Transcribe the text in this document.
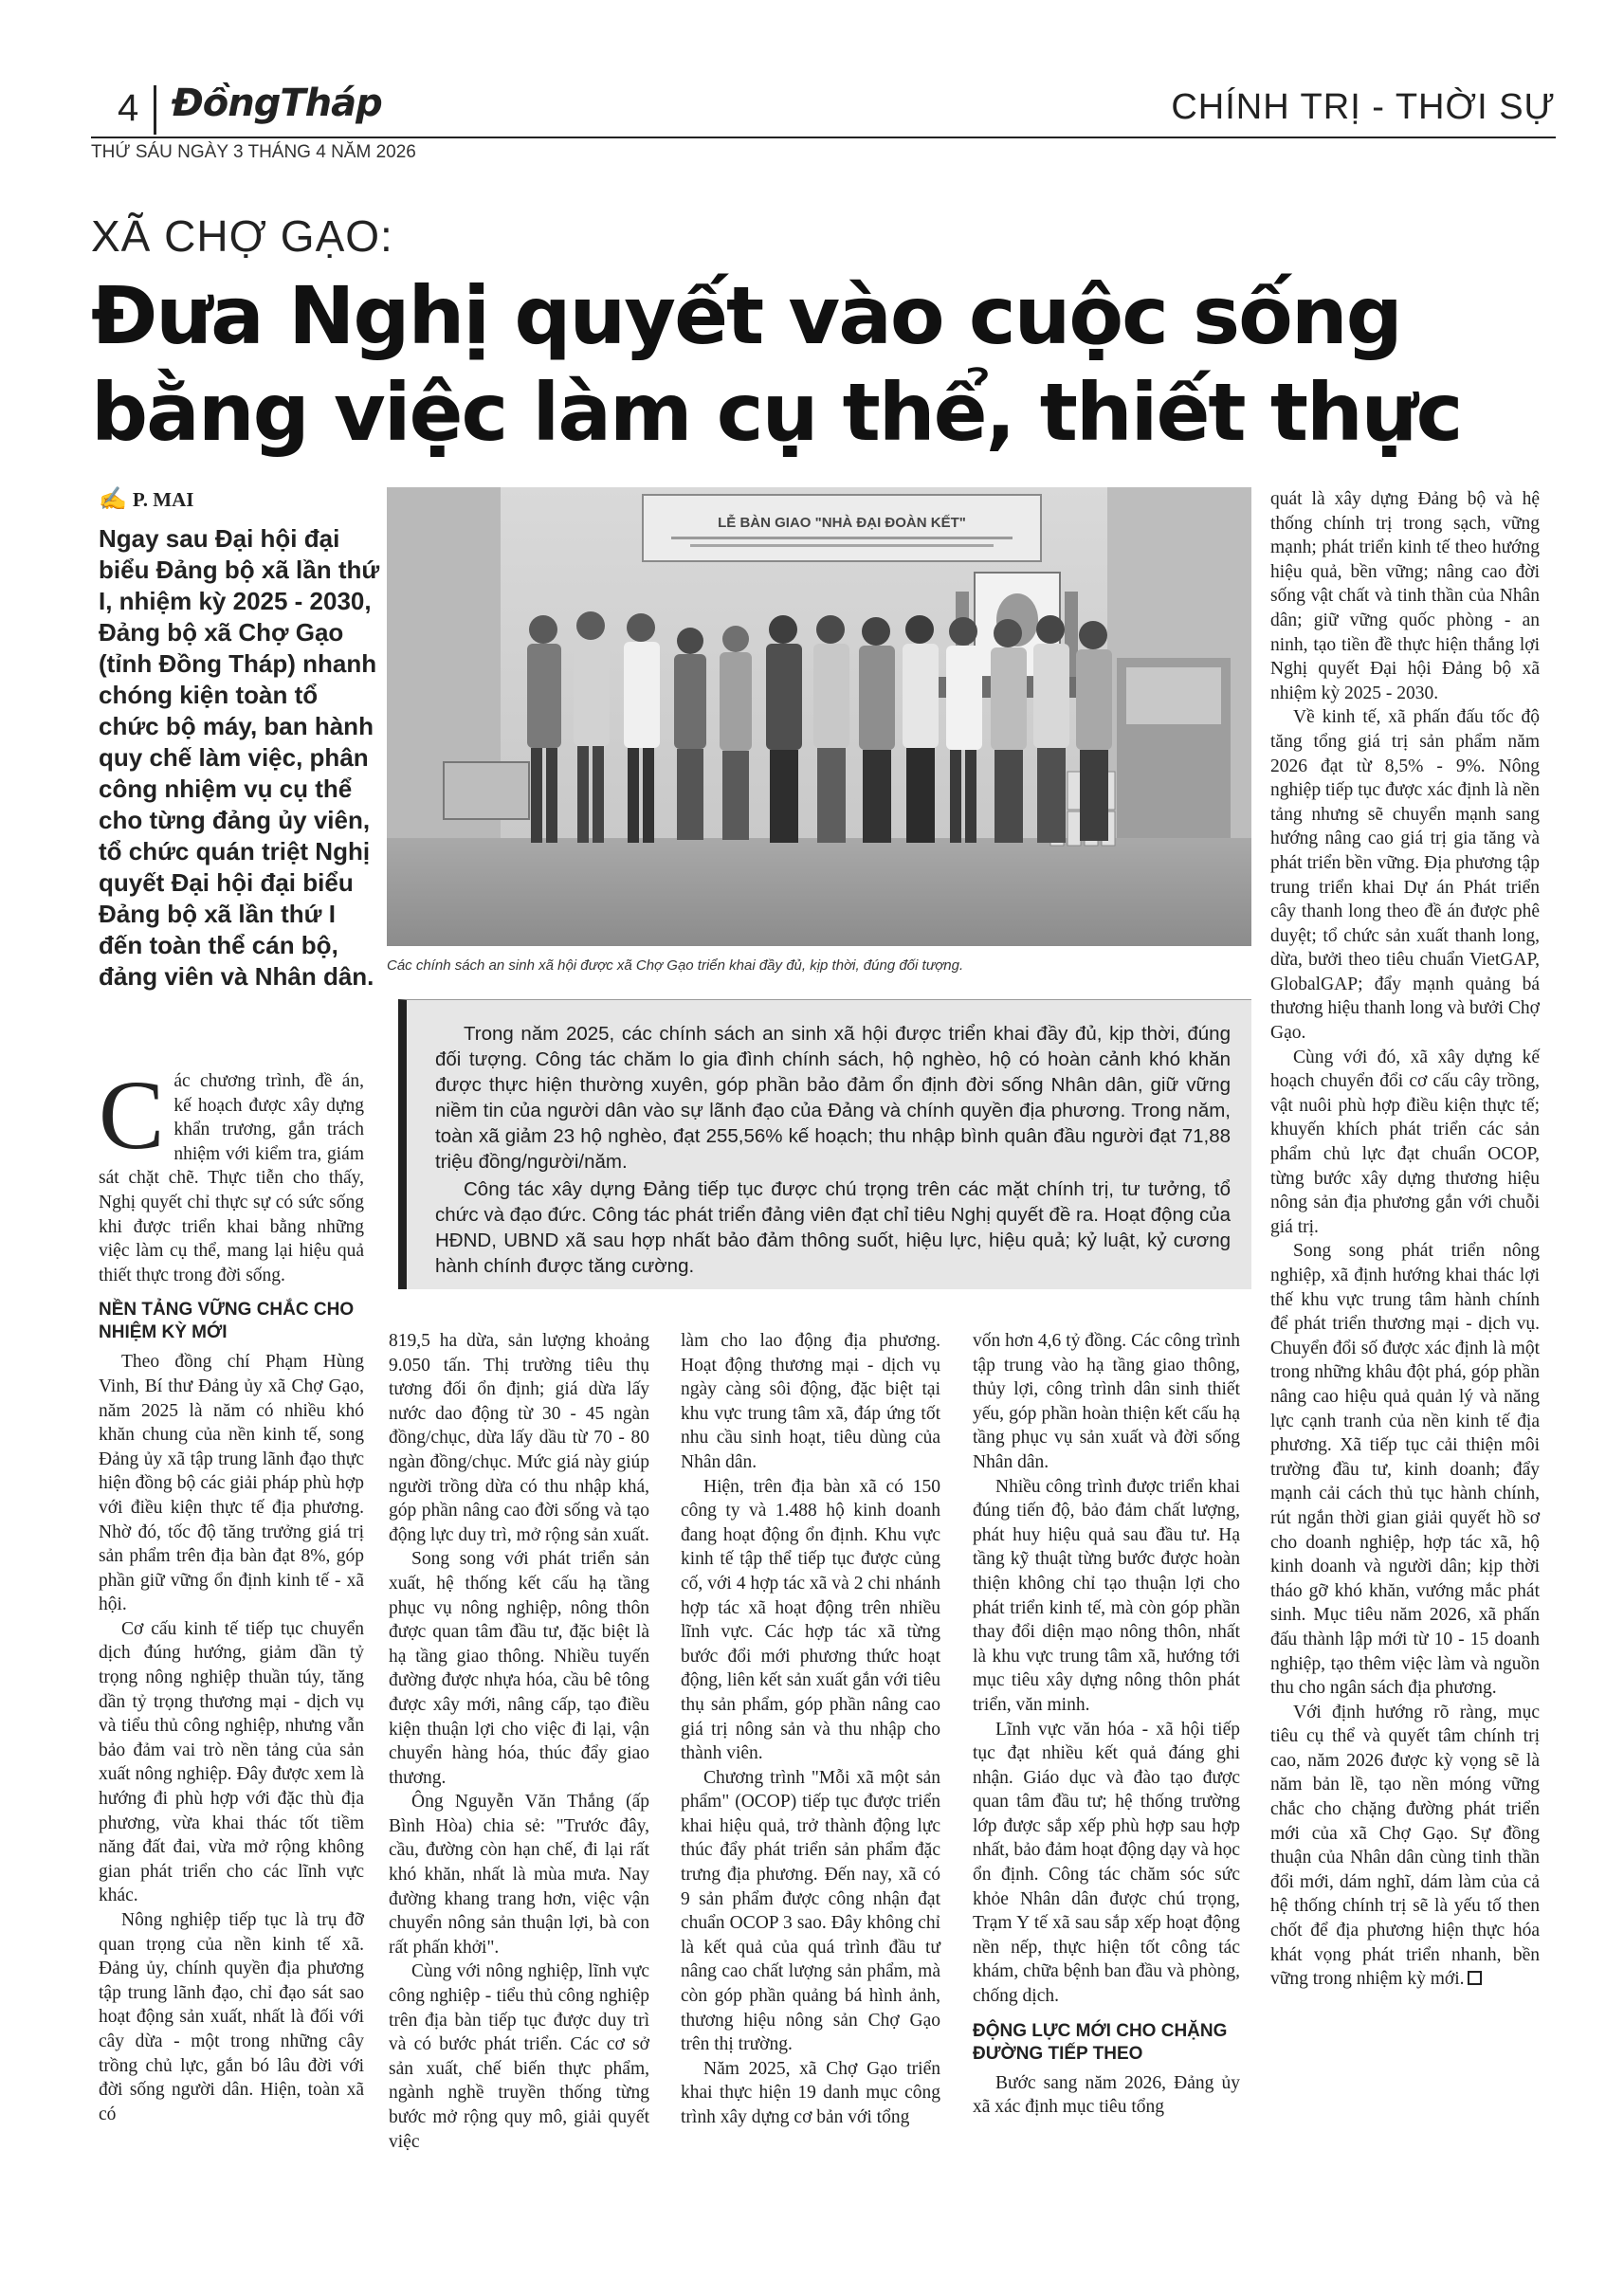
4 ĐồngTháp	CHÍNH TRỊ - THỜI SỰ
THỨ SÁU NGÀY 3 THÁNG 4 NĂM 2026
XÃ CHỢ GẠO:
Đưa Nghị quyết vào cuộc sống bằng việc làm cụ thể, thiết thực
✍ P. MAI
Ngay sau Đại hội đại biểu Đảng bộ xã lần thứ I, nhiệm kỳ 2025 - 2030, Đảng bộ xã Chợ Gạo (tỉnh Đồng Tháp) nhanh chóng kiện toàn tổ chức bộ máy, ban hành quy chế làm việc, phân công nhiệm vụ cụ thể cho từng đảng ủy viên, tổ chức quán triệt Nghị quyết Đại hội đại biểu Đảng bộ xã lần thứ I đến toàn thể cán bộ, đảng viên và Nhân dân.
LỄ BÀN GIAO "NHÀ ĐẠI ĐOÀN KẾT"
Các chính sách an sinh xã hội được xã Chợ Gạo triển khai đầy đủ, kịp thời, đúng đối tượng.

Trong năm 2025, các chính sách an sinh xã hội được triển khai đầy đủ, kịp thời, đúng đối tượng. Công tác chăm lo gia đình chính sách, hộ nghèo, hộ có hoàn cảnh khó khăn được thực hiện thường xuyên, góp phần bảo đảm ổn định đời sống Nhân dân, giữ vững niềm tin của người dân vào sự lãnh đạo của Đảng và chính quyền địa phương. Trong năm, toàn xã giảm 23 hộ nghèo, đạt 255,56% kế hoạch; thu nhập bình quân đầu người đạt 71,88 triệu đồng/người/năm.

Công tác xây dựng Đảng tiếp tục được chú trọng trên các mặt chính trị, tư tưởng, tổ chức và đạo đức. Công tác phát triển đảng viên đạt chỉ tiêu Nghị quyết đề ra. Hoạt động của HĐND, UBND xã sau hợp nhất bảo đảm thông suốt, hiệu lực, hiệu quả; kỷ luật, kỷ cương hành chính được tăng cường.

Các chương trình, đề án, kế hoạch được xây dựng khẩn trương, gắn trách nhiệm với kiểm tra, giám sát chặt chẽ. Thực tiễn cho thấy, Nghị quyết chỉ thực sự có sức sống khi được triển khai bằng những việc làm cụ thể, mang lại hiệu quả thiết thực trong đời sống.

NỀN TẢNG VỮNG CHẮC CHO NHIỆM KỲ MỚI

Theo đồng chí Phạm Hùng Vinh, Bí thư Đảng ủy xã Chợ Gạo, năm 2025 là năm có nhiều khó khăn chung của nền kinh tế, song Đảng ủy xã tập trung lãnh đạo thực hiện đồng bộ các giải pháp phù hợp với điều kiện thực tế địa phương. Nhờ đó, tốc độ tăng trưởng giá trị sản phẩm trên địa bàn đạt 8%, góp phần giữ vững ổn định kinh tế - xã hội.

Cơ cấu kinh tế tiếp tục chuyển dịch đúng hướng, giảm dần tỷ trọng nông nghiệp thuần túy, tăng dần tỷ trọng thương mại - dịch vụ và tiểu thủ công nghiệp, nhưng vẫn bảo đảm vai trò nền tảng của sản xuất nông nghiệp. Đây được xem là hướng đi phù hợp với đặc thù địa phương, vừa khai thác tốt tiềm năng đất đai, vừa mở rộng không gian phát triển cho các lĩnh vực khác.

Nông nghiệp tiếp tục là trụ đỡ quan trọng của nền kinh tế xã. Đảng ủy, chính quyền địa phương tập trung lãnh đạo, chỉ đạo sát sao hoạt động sản xuất, nhất là đối với cây dừa - một trong những cây trồng chủ lực, gắn bó lâu đời với đời sống người dân. Hiện, toàn xã có

819,5 ha dừa, sản lượng khoảng 9.050 tấn. Thị trường tiêu thụ tương đối ổn định; giá dừa lấy nước dao động từ 30 - 45 ngàn đồng/chục, dừa lấy dầu từ 70 - 80 ngàn đồng/chục. Mức giá này giúp người trồng dừa có thu nhập khá, góp phần nâng cao đời sống và tạo động lực duy trì, mở rộng sản xuất.

Song song với phát triển sản xuất, hệ thống kết cấu hạ tầng phục vụ nông nghiệp, nông thôn được quan tâm đầu tư, đặc biệt là hạ tầng giao thông. Nhiều tuyến đường được nhựa hóa, cầu bê tông được xây mới, nâng cấp, tạo điều kiện thuận lợi cho việc đi lại, vận chuyển hàng hóa, thúc đẩy giao thương.

Ông Nguyễn Văn Thắng (ấp Bình Hòa) chia sẻ: "Trước đây, cầu, đường còn hạn chế, đi lại rất khó khăn, nhất là mùa mưa. Nay đường khang trang hơn, việc vận chuyển nông sản thuận lợi, bà con rất phấn khởi".

Cùng với nông nghiệp, lĩnh vực công nghiệp - tiểu thủ công nghiệp trên địa bàn tiếp tục được duy trì và có bước phát triển. Các cơ sở sản xuất, chế biến thực phẩm, ngành nghề truyền thống từng bước mở rộng quy mô, giải quyết việc

làm cho lao động địa phương. Hoạt động thương mại - dịch vụ ngày càng sôi động, đặc biệt tại khu vực trung tâm xã, đáp ứng tốt nhu cầu sinh hoạt, tiêu dùng của Nhân dân.

Hiện, trên địa bàn xã có 150 công ty và 1.488 hộ kinh doanh đang hoạt động ổn định. Khu vực kinh tế tập thể tiếp tục được củng cố, với 4 hợp tác xã và 2 chi nhánh hợp tác xã hoạt động trên nhiều lĩnh vực. Các hợp tác xã từng bước đổi mới phương thức hoạt động, liên kết sản xuất gắn với tiêu thụ sản phẩm, góp phần nâng cao giá trị nông sản và thu nhập cho thành viên.

Chương trình "Mỗi xã một sản phẩm" (OCOP) tiếp tục được triển khai hiệu quả, trở thành động lực thúc đẩy phát triển sản phẩm đặc trưng địa phương. Đến nay, xã có 9 sản phẩm được công nhận đạt chuẩn OCOP 3 sao. Đây không chỉ là kết quả của quá trình đầu tư nâng cao chất lượng sản phẩm, mà còn góp phần quảng bá hình ảnh, thương hiệu nông sản Chợ Gạo trên thị trường.

Năm 2025, xã Chợ Gạo triển khai thực hiện 19 danh mục công trình xây dựng cơ bản với tổng

vốn hơn 4,6 tỷ đồng. Các công trình tập trung vào hạ tầng giao thông, thủy lợi, công trình dân sinh thiết yếu, góp phần hoàn thiện kết cấu hạ tầng phục vụ sản xuất và đời sống Nhân dân.

Nhiều công trình được triển khai đúng tiến độ, bảo đảm chất lượng, phát huy hiệu quả sau đầu tư. Hạ tầng kỹ thuật từng bước được hoàn thiện không chỉ tạo thuận lợi cho phát triển kinh tế, mà còn góp phần thay đổi diện mạo nông thôn, nhất là khu vực trung tâm xã, hướng tới mục tiêu xây dựng nông thôn phát triển, văn minh.

Lĩnh vực văn hóa - xã hội tiếp tục đạt nhiều kết quả đáng ghi nhận. Giáo dục và đào tạo được quan tâm đầu tư; hệ thống trường lớp được sắp xếp phù hợp sau hợp nhất, bảo đảm hoạt động dạy và học ổn định. Công tác chăm sóc sức khỏe Nhân dân được chú trọng, Trạm Y tế xã sau sắp xếp hoạt động nền nếp, thực hiện tốt công tác khám, chữa bệnh ban đầu và phòng, chống dịch.

ĐỘNG LỰC MỚI CHO CHẶNG ĐƯỜNG TIẾP THEO

Bước sang năm 2026, Đảng ủy xã xác định mục tiêu tổng

quát là xây dựng Đảng bộ và hệ thống chính trị trong sạch, vững mạnh; phát triển kinh tế theo hướng hiệu quả, bền vững; nâng cao đời sống vật chất và tinh thần của Nhân dân; giữ vững quốc phòng - an ninh, tạo tiền đề thực hiện thắng lợi Nghị quyết Đại hội Đảng bộ xã nhiệm kỳ 2025 - 2030.

Về kinh tế, xã phấn đấu tốc độ tăng tổng giá trị sản phẩm năm 2026 đạt từ 8,5% - 9%. Nông nghiệp tiếp tục được xác định là nền tảng nhưng sẽ chuyển mạnh sang hướng nâng cao giá trị gia tăng và phát triển bền vững. Địa phương tập trung triển khai Dự án Phát triển cây thanh long theo đề án được phê duyệt; tổ chức sản xuất thanh long, dừa, bưởi theo tiêu chuẩn VietGAP, GlobalGAP; đẩy mạnh quảng bá thương hiệu thanh long và bưởi Chợ Gạo.

Cùng với đó, xã xây dựng kế hoạch chuyển đổi cơ cấu cây trồng, vật nuôi phù hợp điều kiện thực tế; khuyến khích phát triển các sản phẩm chủ lực đạt chuẩn OCOP, từng bước xây dựng thương hiệu nông sản địa phương gắn với chuỗi giá trị.

Song song phát triển nông nghiệp, xã định hướng khai thác lợi thế khu vực trung tâm hành chính để phát triển thương mại - dịch vụ. Chuyển đổi số được xác định là một trong những khâu đột phá, góp phần nâng cao hiệu quả quản lý và năng lực cạnh tranh của nền kinh tế địa phương. Xã tiếp tục cải thiện môi trường đầu tư, kinh doanh; đẩy mạnh cải cách thủ tục hành chính, rút ngắn thời gian giải quyết hồ sơ cho doanh nghiệp, hợp tác xã, hộ kinh doanh và người dân; kịp thời tháo gỡ khó khăn, vướng mắc phát sinh. Mục tiêu năm 2026, xã phấn đấu thành lập mới từ 10 - 15 doanh nghiệp, tạo thêm việc làm và nguồn thu cho ngân sách địa phương.

Với định hướng rõ ràng, mục tiêu cụ thể và quyết tâm chính trị cao, năm 2026 được kỳ vọng sẽ là năm bản lề, tạo nền móng vững chắc cho chặng đường phát triển mới của xã Chợ Gạo. Sự đồng thuận của Nhân dân cùng tinh thần đổi mới, dám nghĩ, dám làm của cả hệ thống chính trị sẽ là yếu tố then chốt để địa phương hiện thực hóa khát vọng phát triển nhanh, bền vững trong nhiệm kỳ mới.
